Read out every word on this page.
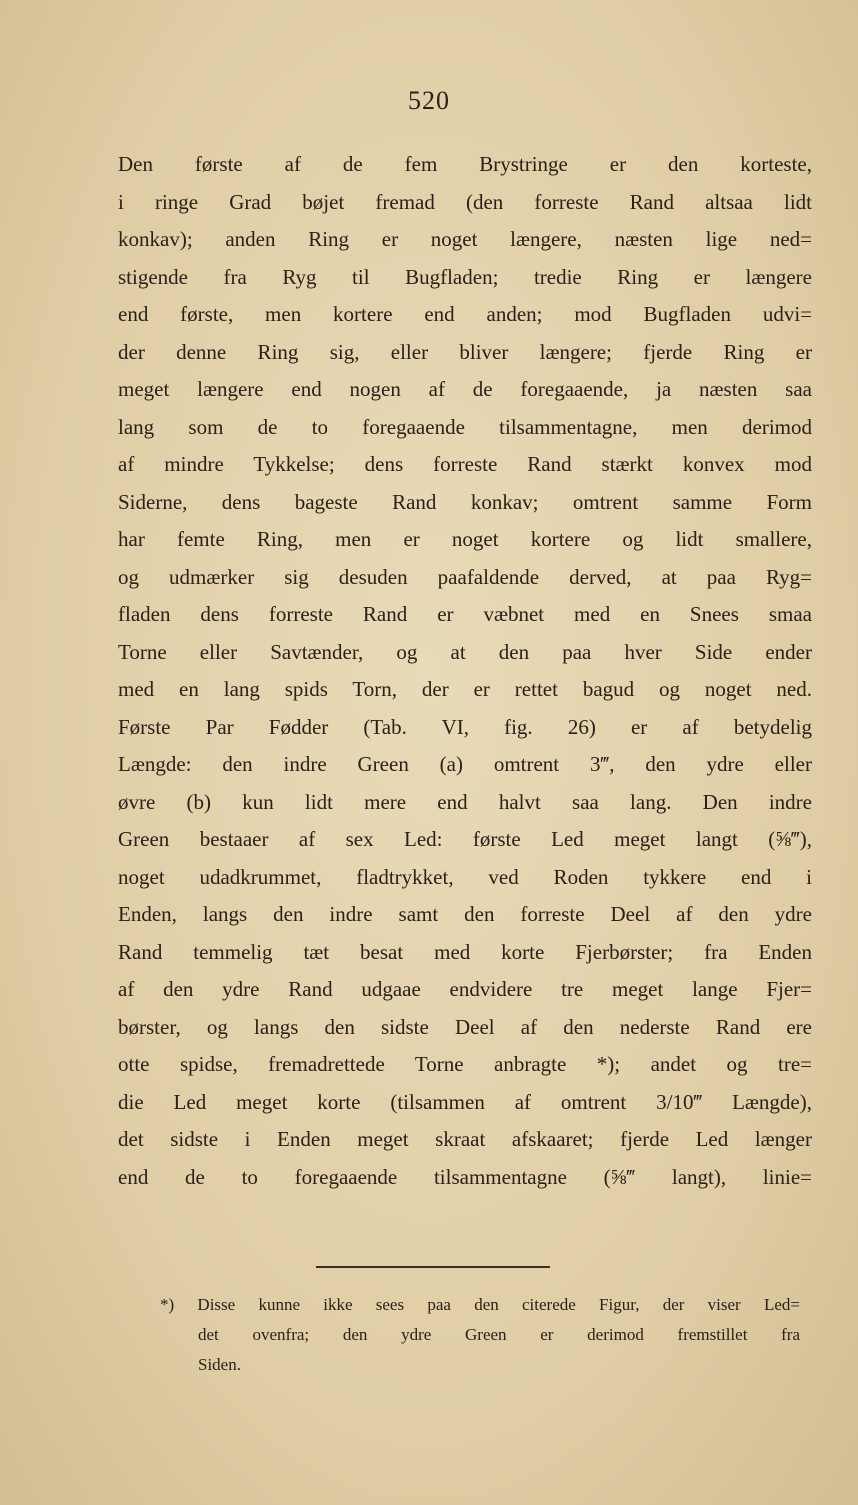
520
Den første af de fem Brystringe er den korteste,
i ringe Grad bøjet fremad (den forreste Rand altsaa lidt
konkav); anden Ring er noget længere, næsten lige ned=
stigende fra Ryg til Bugfladen; tredie Ring er længere
end første, men kortere end anden; mod Bugfladen udvi=
der denne Ring sig, eller bliver længere; fjerde Ring er
meget længere end nogen af de foregaaende, ja næsten saa
lang som de to foregaaende tilsammentagne, men derimod
af mindre Tykkelse; dens forreste Rand stærkt konvex mod
Siderne, dens bageste Rand konkav; omtrent samme Form
har femte Ring, men er noget kortere og lidt smallere,
og udmærker sig desuden paafaldende derved, at paa Ryg=
fladen dens forreste Rand er væbnet med en Snees smaa
Torne eller Savtænder, og at den paa hver Side ender
med en lang spids Torn, der er rettet bagud og noget ned.
Første Par Fødder (Tab. VI, fig. 26) er af betydelig
Længde: den indre Green (a) omtrent 3‴, den ydre eller
øvre (b) kun lidt mere end halvt saa lang. Den indre
Green bestaaer af sex Led: første Led meget langt (⅝‴),
noget udadkrummet, fladtrykket, ved Roden tykkere end i
Enden, langs den indre samt den forreste Deel af den ydre
Rand temmelig tæt besat med korte Fjerbørster; fra Enden
af den ydre Rand udgaae endvidere tre meget lange Fjer=
børster, og langs den sidste Deel af den nederste Rand ere
otte spidse, fremadrettede Torne anbragte *); andet og tre=
die Led meget korte (tilsammen af omtrent 3/10‴ Længde),
det sidste i Enden meget skraat afskaaret; fjerde Led længer
end de to foregaaende tilsammentagne (⅝‴ langt), linie=
*) Disse kunne ikke sees paa den citerede Figur, der viser Led=
det ovenfra; den ydre Green er derimod fremstillet fra
Siden.
